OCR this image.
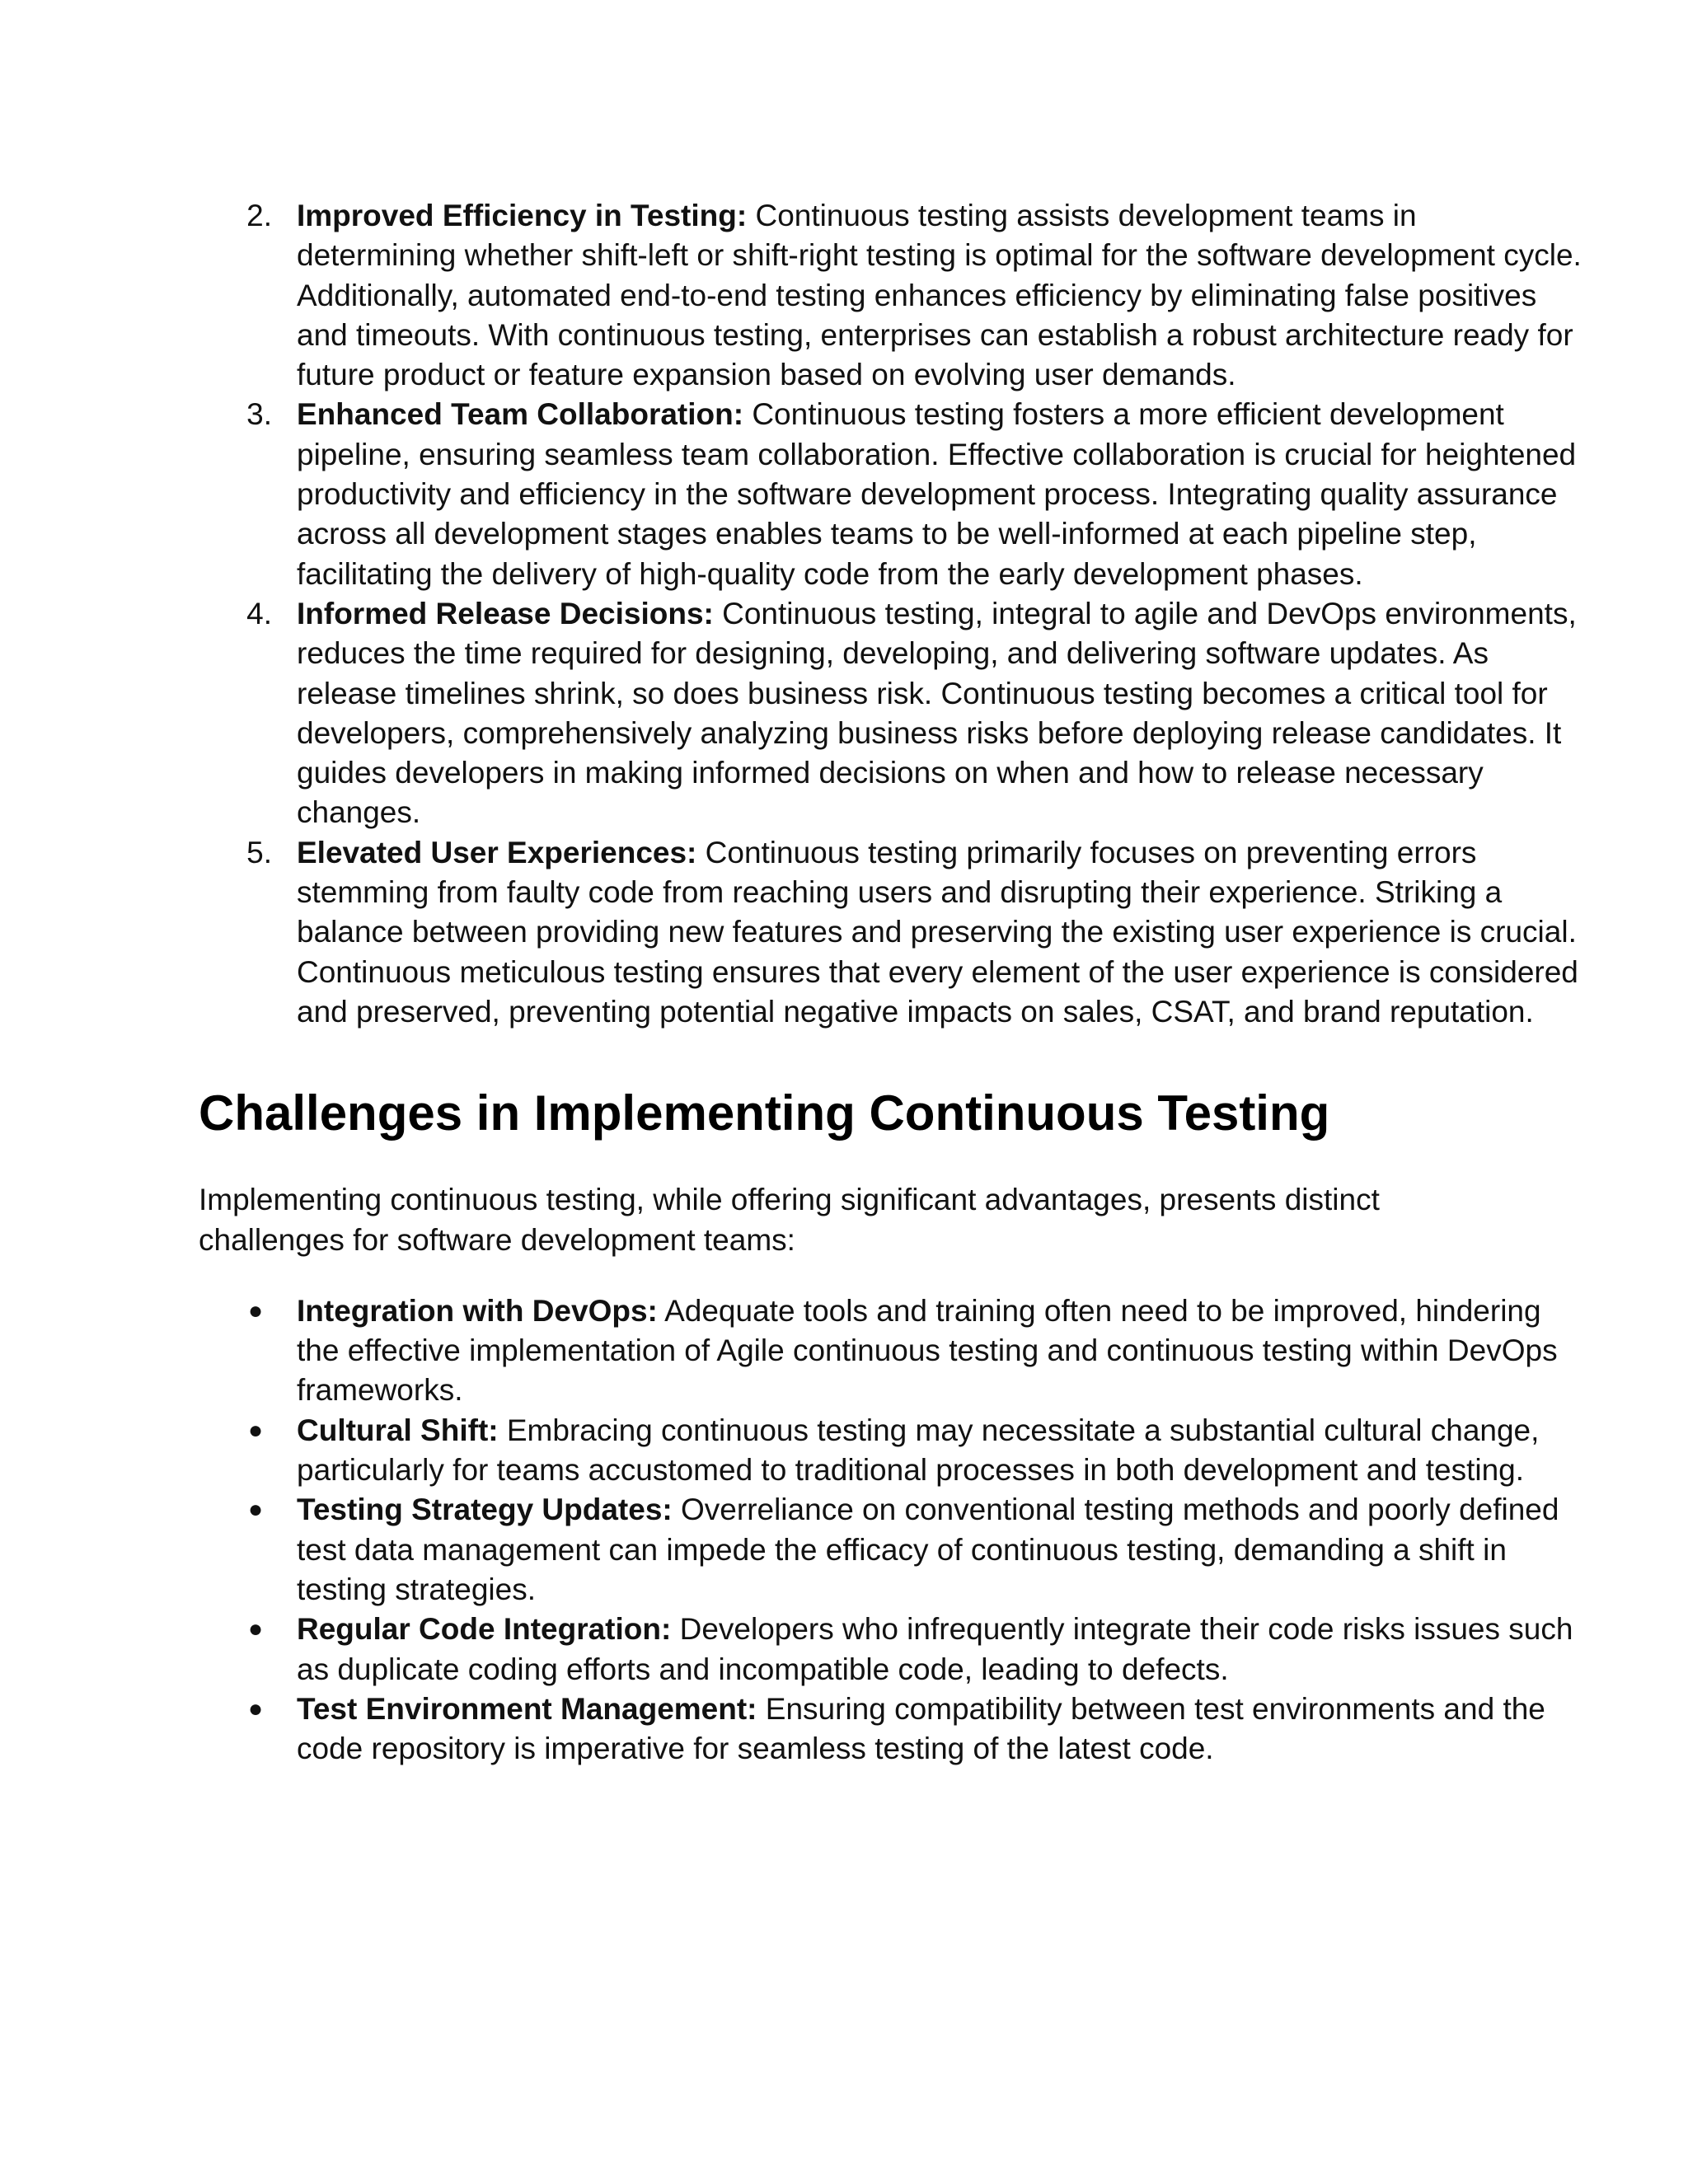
2. Improved Efficiency in Testing: Continuous testing assists development teams in determining whether shift-left or shift-right testing is optimal for the software development cycle. Additionally, automated end-to-end testing enhances efficiency by eliminating false positives and timeouts. With continuous testing, enterprises can establish a robust architecture ready for future product or feature expansion based on evolving user demands.
3. Enhanced Team Collaboration: Continuous testing fosters a more efficient development pipeline, ensuring seamless team collaboration. Effective collaboration is crucial for heightened productivity and efficiency in the software development process. Integrating quality assurance across all development stages enables teams to be well-informed at each pipeline step, facilitating the delivery of high-quality code from the early development phases.
4. Informed Release Decisions: Continuous testing, integral to agile and DevOps environments, reduces the time required for designing, developing, and delivering software updates. As release timelines shrink, so does business risk. Continuous testing becomes a critical tool for developers, comprehensively analyzing business risks before deploying release candidates. It guides developers in making informed decisions on when and how to release necessary changes.
5. Elevated User Experiences: Continuous testing primarily focuses on preventing errors stemming from faulty code from reaching users and disrupting their experience. Striking a balance between providing new features and preserving the existing user experience is crucial. Continuous meticulous testing ensures that every element of the user experience is considered and preserved, preventing potential negative impacts on sales, CSAT, and brand reputation.
Challenges in Implementing Continuous Testing

Implementing continuous testing, while offering significant advantages, presents distinct challenges for software development teams:

●	Integration with DevOps: Adequate tools and training often need to be improved, hindering the effective implementation of Agile continuous testing and continuous testing within DevOps frameworks.
●	Cultural Shift: Embracing continuous testing may necessitate a substantial cultural change, particularly for teams accustomed to traditional processes in both development and testing.
●	Testing Strategy Updates: Overreliance on conventional testing methods and poorly defined test data management can impede the efficacy of continuous testing, demanding a shift in testing strategies.
●	Regular Code Integration: Developers who infrequently integrate their code risks issues such as duplicate coding efforts and incompatible code, leading to defects.
●	Test Environment Management: Ensuring compatibility between test environments and the code repository is imperative for seamless testing of the latest code.
